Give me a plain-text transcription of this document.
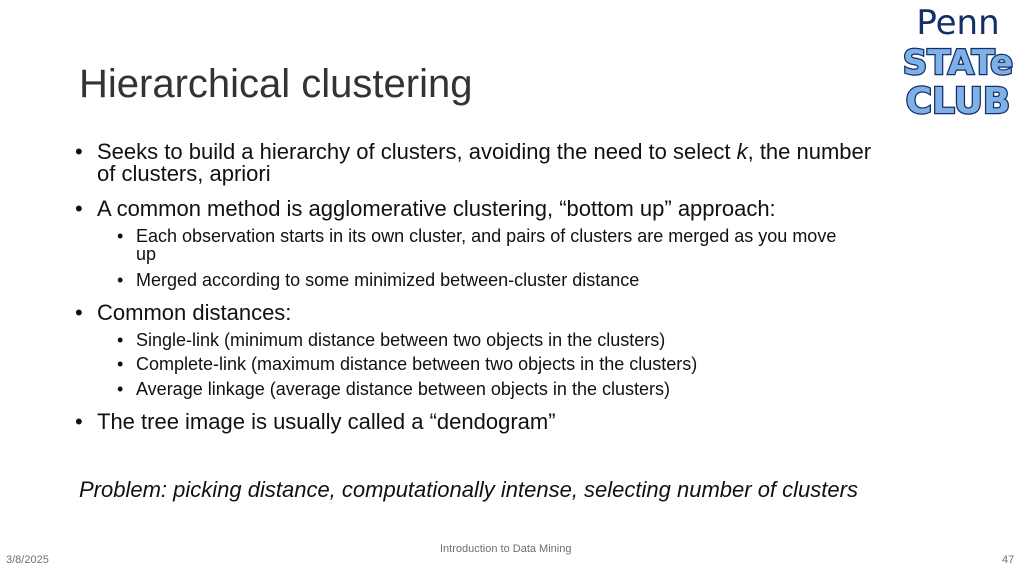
Hierarchical clustering
Penn
STATe
CLUB
• Seeks to build a hierarchy of clusters, avoiding the need to select k, the number
of clusters, apriori
• A common method is agglomerative clustering, “bottom up” approach:
• Each observation starts in its own cluster, and pairs of clusters are merged as you move
up
• Merged according to some minimized between-cluster distance
• Common distances:
• Single-link (minimum distance between two objects in the clusters)
• Complete-link (maximum distance between two objects in the clusters)
• Average linkage (average distance between objects in the clusters)
• The tree image is usually called a “dendogram”
Problem: picking distance, computationally intense, selecting number of clusters
3/8/2025
Introduction to Data Mining
47
